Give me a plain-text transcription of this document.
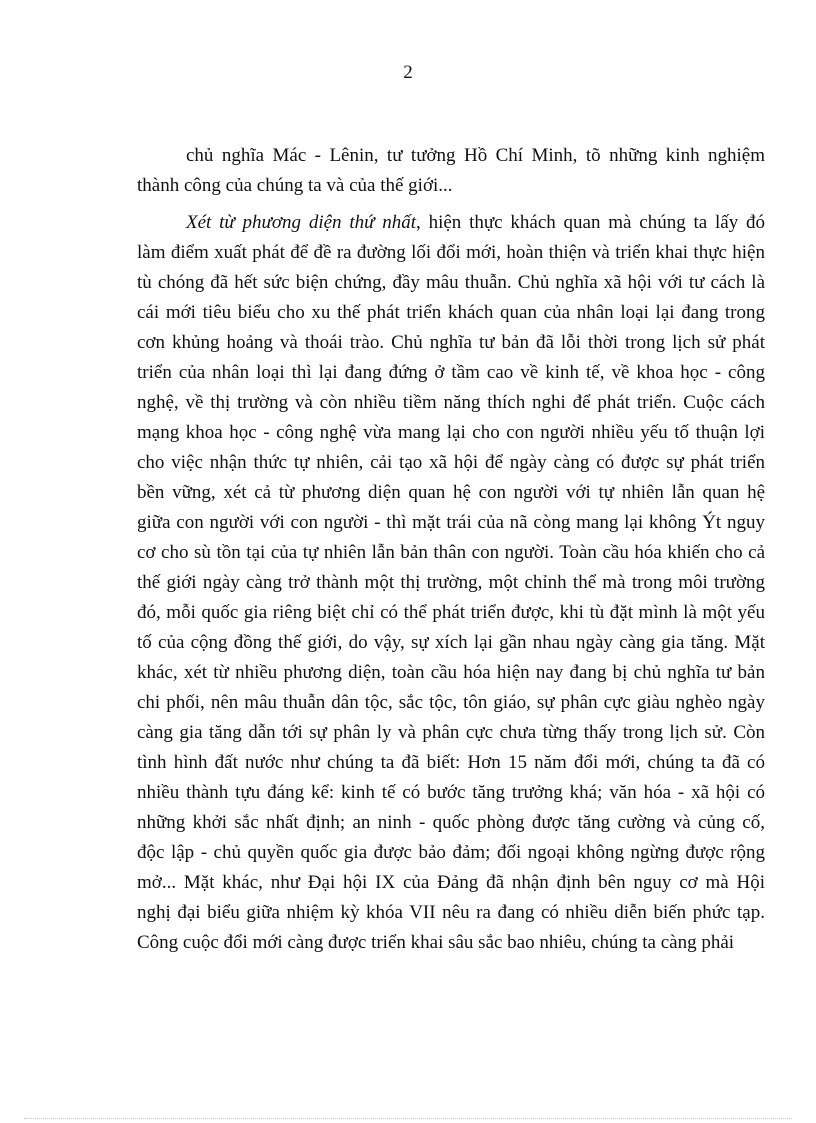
2
chủ nghĩa Mác - Lênin, tư tưởng Hồ Chí Minh, tõ những kinh nghiệm
thành công của chúng ta và của thế giới...
Xét từ phương diện thứ nhất, hiện thực khách quan mà chúng ta lấy đó
làm điểm xuất phát để đề ra đường lối đổi mới, hoàn thiện và triển khai thực hiện
tù chóng đã hết sức biện chứng, đầy mâu thuẫn. Chủ nghĩa xã hội với tư cách là
cái mới tiêu biểu cho xu thế phát triển khách quan của nhân loại lại đang trong
cơn khủng hoảng và thoái trào. Chủ nghĩa tư bản đã lỗi thời trong lịch sử phát
triển của nhân loại thì lại đang đứng ở tầm cao về kinh tế, về khoa học - công
nghệ, về thị trường và còn nhiều tiềm năng thích nghi để phát triển. Cuộc cách
mạng khoa học - công nghệ vừa mang lại cho con người nhiều yếu tố thuận lợi
cho việc nhận thức tự nhiên, cải tạo xã hội để ngày càng có được sự phát triển
bền vững, xét cả từ phương diện quan hệ con người với tự nhiên lẫn quan hệ
giữa con người với con người - thì mặt trái của nã còng mang lại không Ýt nguy
cơ cho sù tồn tại của tự nhiên lẫn bản thân con người. Toàn cầu hóa khiến cho cả
thế giới ngày càng trở thành một thị trường, một chỉnh thể mà trong môi trường
đó, mỗi quốc gia riêng biệt chỉ có thể phát triển được, khi tù đặt mình là một yếu
tố của cộng đồng thế giới, do vậy, sự xích lại gần nhau ngày càng gia tăng. Mặt
khác, xét từ nhiều phương diện, toàn cầu hóa hiện nay đang bị chủ nghĩa tư bản
chi phối, nên mâu thuẫn dân tộc, sắc tộc, tôn giáo, sự phân cực giàu nghèo ngày
càng gia tăng dẫn tới sự phân ly và phân cực chưa từng thấy trong lịch sử. Còn
tình hình đất nước như chúng ta đã biết: Hơn 15 năm đổi mới, chúng ta đã có
nhiều thành tựu đáng kể: kinh tế có bước tăng trưởng khá; văn hóa - xã hội có
những khởi sắc nhất định; an ninh - quốc phòng được tăng cường và củng cố,
độc lập - chủ quyền quốc gia được bảo đảm; đối ngoại không ngừng được rộng
mở... Mặt khác, như Đại hội IX của Đảng đã nhận định bên nguy cơ mà Hội
nghị đại biểu giữa nhiệm kỳ khóa VII nêu ra đang có nhiều diễn biến phức tạp.
Công cuộc đổi mới càng được triển khai sâu sắc bao nhiêu, chúng ta càng phải
